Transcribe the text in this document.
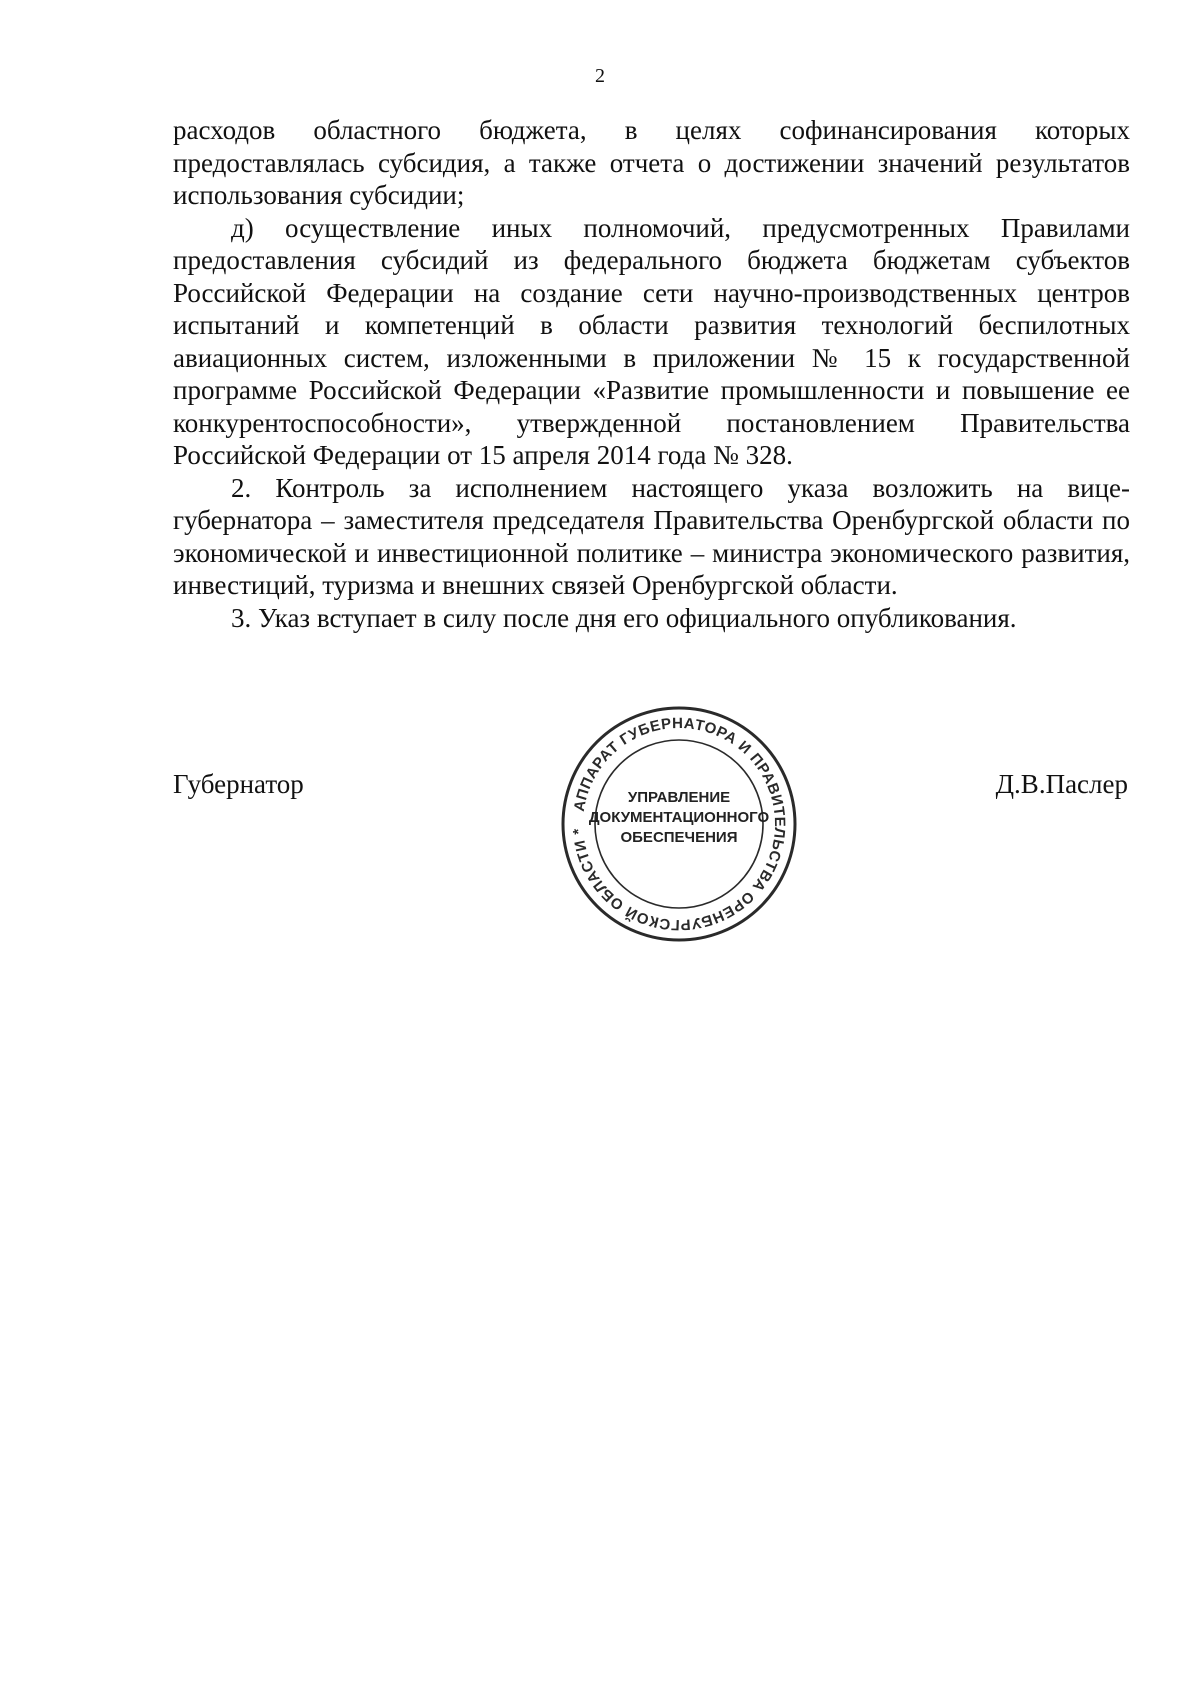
2

расходов областного бюджета, в целях софинансирования которых предоставлялась субсидия, а также отчета о достижении значений результатов использования субсидии;

д) осуществление иных полномочий, предусмотренных Правилами предоставления субсидий из федерального бюджета бюджетам субъектов Российской Федерации на создание сети научно-производственных центров испытаний и компетенций в области развития технологий беспилотных авиационных систем, изложенными в приложении № 15 к государственной программе Российской Федерации «Развитие промышленности и повышение ее конкурентоспособности», утвержденной постановлением Правительства Российской Федерации от 15 апреля 2014 года № 328.

2. Контроль за исполнением настоящего указа возложить на вице-губернатора – заместителя председателя Правительства Оренбургской области по экономической и инвестиционной политике – министра экономического развития, инвестиций, туризма и внешних связей Оренбургской области.

3. Указ вступает в силу после дня его официального опубликования.

Губернатор
АППАРАТ ГУБЕРНАТОРА И ПРАВИТЕЛЬСТВА ОРЕНБУРГСКОЙ ОБЛАСТИ *
УПРАВЛЕНИЕ
ДОКУМЕНТАЦИОННОГО
ОБЕСПЕЧЕНИЯ
Д.В.Паслер
